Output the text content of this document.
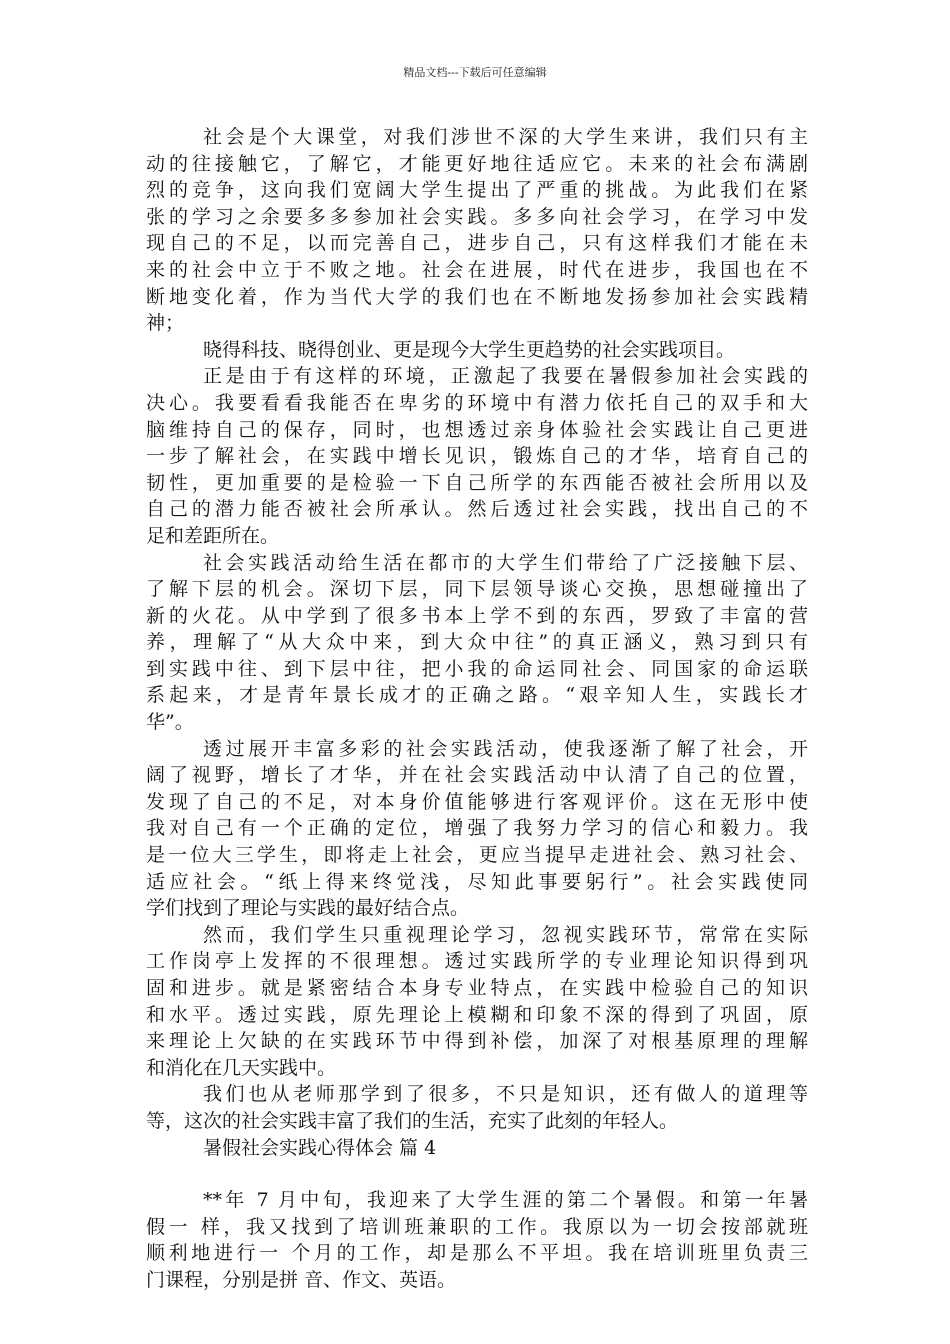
精品文档---下载后可任意编辑
社会是个大课堂，对我们涉世不深的大学生来讲，我们只有主
动的往接触它，了解它，才能更好地往适应它。未来的社会布满剧
烈的竞争，这向我们宽阔大学生提出了严重的挑战。为此我们在紧
张的学习之余要多多参加社会实践。多多向社会学习，在学习中发
现自己的不足，以而完善自己，进步自己，只有这样我们才能在未
来的社会中立于不败之地。社会在进展，时代在进步，我国也在不
断地变化着，作为当代大学的我们也在不断地发扬参加社会实践精
神；
晓得科技、晓得创业、更是现今大学生更趋势的社会实践项目。
正是由于有这样的环境，正激起了我要在暑假参加社会实践的
决心。我要看看我能否在卑劣的环境中有潜力依托自己的双手和大
脑维持自己的保存，同时，也想透过亲身体验社会实践让自己更进
一步了解社会，在实践中增长见识，锻炼自己的才华，培育自己的
韧性，更加重要的是检验一下自己所学的东西能否被社会所用以及
自己的潜力能否被社会所承认。然后透过社会实践，找出自己的不
足和差距所在。
社会实践活动给生活在都市的大学生们带给了广泛接触下层、
了解下层的机会。深切下层，同下层领导谈心交换，思想碰撞出了
新的火花。从中学到了很多书本上学不到的东西，罗致了丰富的营
养，理解了“从大众中来，到大众中往”的真正涵义，熟习到只有
到实践中往、到下层中往，把小我的命运同社会、同国家的命运联
系起来，才是青年景长成才的正确之路。“艰辛知人生，实践长才
华”。
透过展开丰富多彩的社会实践活动，使我逐渐了解了社会，开
阔了视野，增长了才华，并在社会实践活动中认清了自己的位置，
发现了自己的不足，对本身价值能够进行客观评价。这在无形中使
我对自己有一个正确的定位，增强了我努力学习的信心和毅力。我
是一位大三学生，即将走上社会，更应当提早走进社会、熟习社会、
适应社会。“纸上得来终觉浅，尽知此事要躬行”。社会实践使同
学们找到了理论与实践的最好结合点。
然而，我们学生只重视理论学习，忽视实践环节，常常在实际
工作岗亭上发挥的不很理想。透过实践所学的专业理论知识得到巩
固和进步。就是紧密结合本身专业特点，在实践中检验自己的知识
和水平。透过实践，原先理论上模糊和印象不深的得到了巩固，原
来理论上欠缺的在实践环节中得到补偿，加深了对根基原理的理解
和消化在几天实践中。
我们也从老师那学到了很多，不只是知识，还有做人的道理等
等，这次的社会实践丰富了我们的生活，充实了此刻的年轻人。
暑假社会实践心得体会 篇 4
**年 7 月中旬，我迎来了大学生涯的第二个暑假。和第一年暑
假一 样，我又找到了培训班兼职的工作。我原以为一切会按部就班
顺利地进行一 个月的工作，却是那么不平坦。我在培训班里负责三
门课程，分别是拼 音、作文、英语。
